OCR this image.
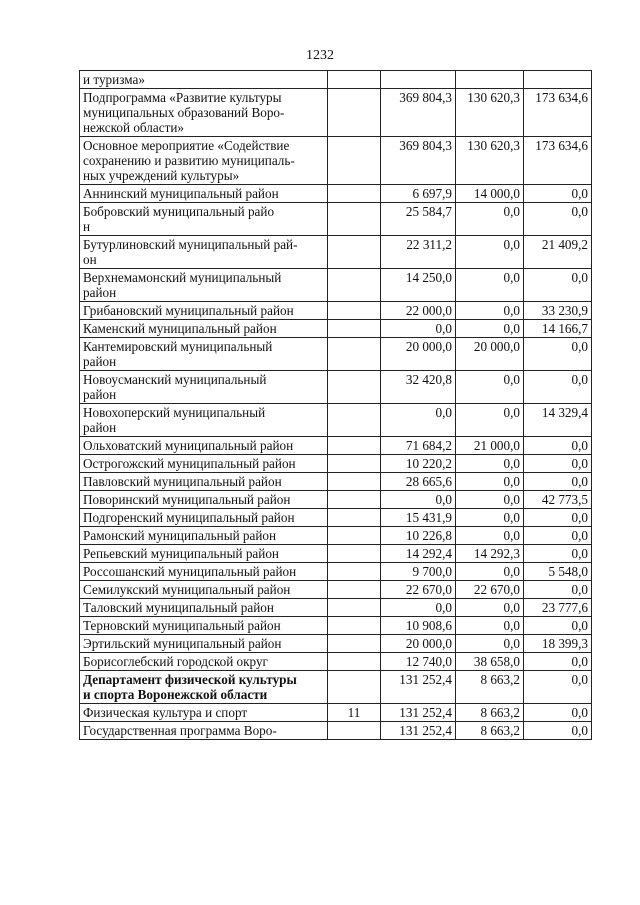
1232
и туризма»				
Подпрограмма «Развитие культуры
муниципальных образований Воро-
нежской области»		369 804,3	130 620,3	173 634,6
Основное мероприятие «Содействие
сохранению и развитию муниципаль-
ных учреждений культуры»		369 804,3	130 620,3	173 634,6
Аннинский муниципальный район		6 697,9	14 000,0	0,0
Бобровский муниципальный райо
н		25 584,7	0,0	0,0
Бутурлиновский муниципальный рай-
он		22 311,2	0,0	21 409,2
Верхнемамонский муниципальный
район		14 250,0	0,0	0,0
Грибановский муниципальный район		22 000,0	0,0	33 230,9
Каменский муниципальный район		0,0	0,0	14 166,7
Кантемировский муниципальный
район		20 000,0	20 000,0	0,0
Новоусманский муниципальный
район		32 420,8	0,0	0,0
Новохоперский муниципальный
район		0,0	0,0	14 329,4
Ольховатский муниципальный район		71 684,2	21 000,0	0,0
Острогожский муниципальный район		10 220,2	0,0	0,0
Павловский муниципальный район		28 665,6	0,0	0,0
Поворинский муниципальный район		0,0	0,0	42 773,5
Подгоренский муниципальный район		15 431,9	0,0	0,0
Рамонский муниципальный район		10 226,8	0,0	0,0
Репьевский муниципальный район		14 292,4	14 292,3	0,0
Россошанский муниципальный район		9 700,0	0,0	5 548,0
Семилукский муниципальный район		22 670,0	22 670,0	0,0
Таловский муниципальный район		0,0	0,0	23 777,6
Терновский муниципальный район		10 908,6	0,0	0,0
Эртильский муниципальный район		20 000,0	0,0	18 399,3
Борисоглебский городской округ		12 740,0	38 658,0	0,0
Департамент физической культуры
и спорта Воронежской области		131 252,4	8 663,2	0,0
Физическая культура и спорт	11	131 252,4	8 663,2	0,0
Государственная программа Воро-		131 252,4	8 663,2	0,0
